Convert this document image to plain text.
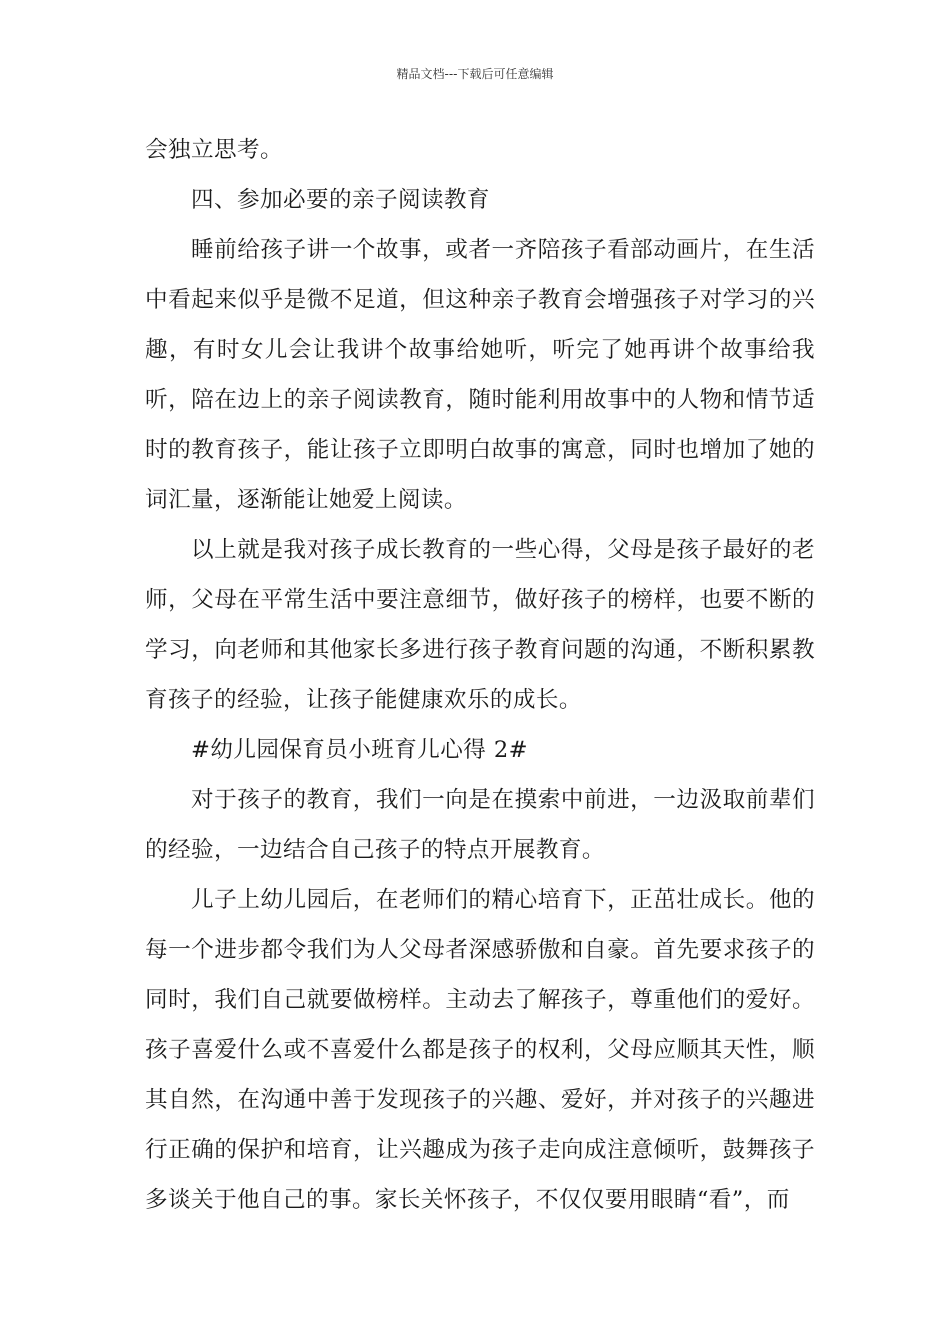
精品文档---下载后可任意编辑

会独立思考。

四、参加必要的亲子阅读教育

睡前给孩子讲一个故事，或者一齐陪孩子看部动画片，在生活中看起来似乎是微不足道，但这种亲子教育会增强孩子对学习的兴趣，有时女儿会让我讲个故事给她听，听完了她再讲个故事给我听，陪在边上的亲子阅读教育，随时能利用故事中的人物和情节适时的教育孩子，能让孩子立即明白故事的寓意，同时也增加了她的词汇量，逐渐能让她爱上阅读。

以上就是我对孩子成长教育的一些心得，父母是孩子最好的老师，父母在平常生活中要注意细节，做好孩子的榜样，也要不断的学习，向老师和其他家长多进行孩子教育问题的沟通，不断积累教育孩子的经验，让孩子能健康欢乐的成长。

#幼儿园保育员小班育儿心得 2#

对于孩子的教育，我们一向是在摸索中前进，一边汲取前辈们的经验，一边结合自己孩子的特点开展教育。

儿子上幼儿园后，在老师们的精心培育下，正茁壮成长。他的每一个进步都令我们为人父母者深感骄傲和自豪。首先要求孩子的同时，我们自己就要做榜样。主动去了解孩子，尊重他们的爱好。孩子喜爱什么或不喜爱什么都是孩子的权利，父母应顺其天性，顺其自然，在沟通中善于发现孩子的兴趣、爱好，并对孩子的兴趣进行正确的保护和培育，让兴趣成为孩子走向成注意倾听，鼓舞孩子多谈关于他自己的事。家长关怀孩子，不仅仅要用眼睛“看”，而
